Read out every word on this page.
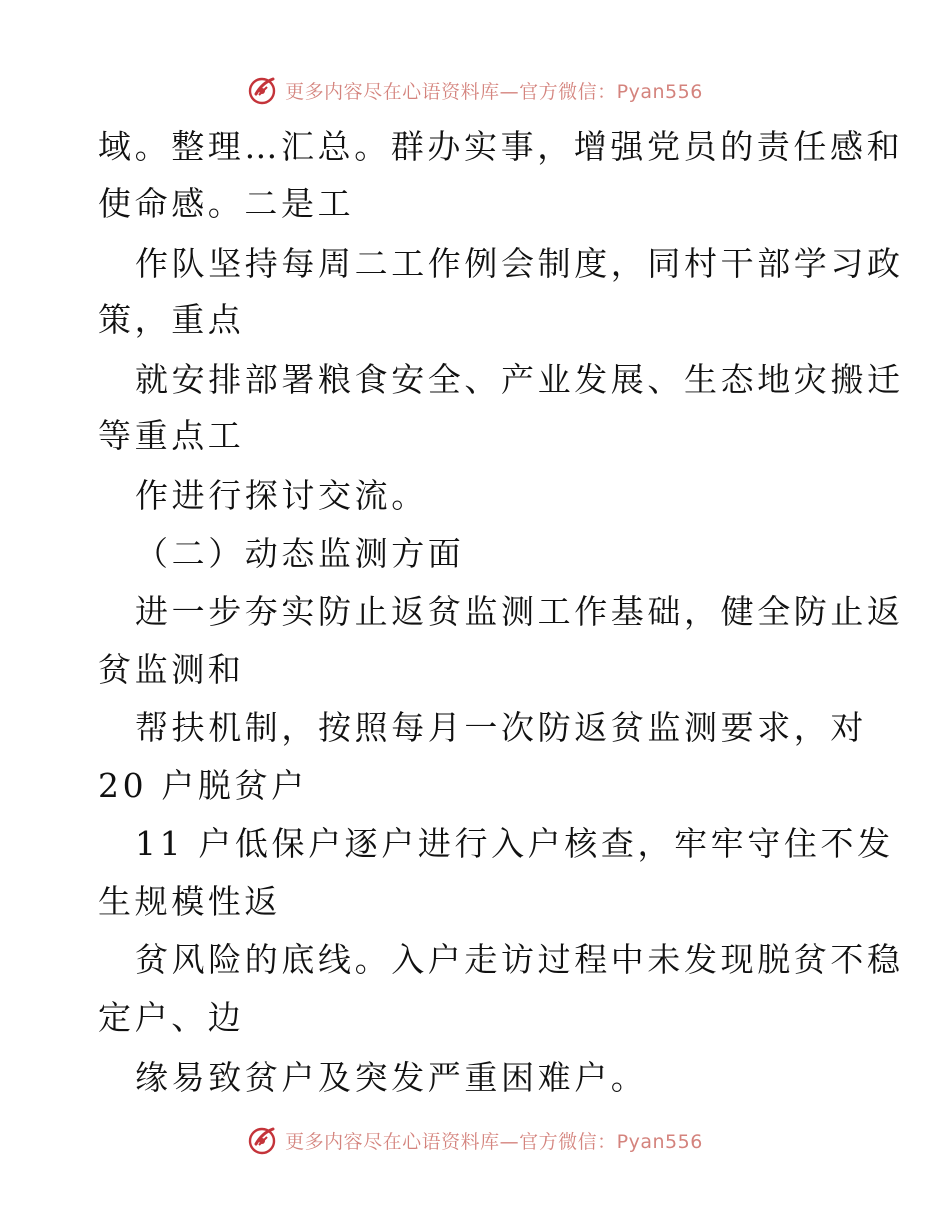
更多内容尽在心语资料库—官方微信：Pyan556
域。整理…汇总。群办实事，增强党员的责任感和
使命感。二是工
作队坚持每周二工作例会制度，同村干部学习政
策，重点
就安排部署粮食安全、产业发展、生态地灾搬迁
等重点工
作进行探讨交流。
（二）动态监测方面
进一步夯实防止返贫监测工作基础，健全防止返
贫监测和
帮扶机制，按照每月一次防返贫监测要求，对
20 户脱贫户
11 户低保户逐户进行入户核查，牢牢守住不发
生规模性返
贫风险的底线。入户走访过程中未发现脱贫不稳
定户、边
缘易致贫户及突发严重困难户。
更多内容尽在心语资料库—官方微信：Pyan556
